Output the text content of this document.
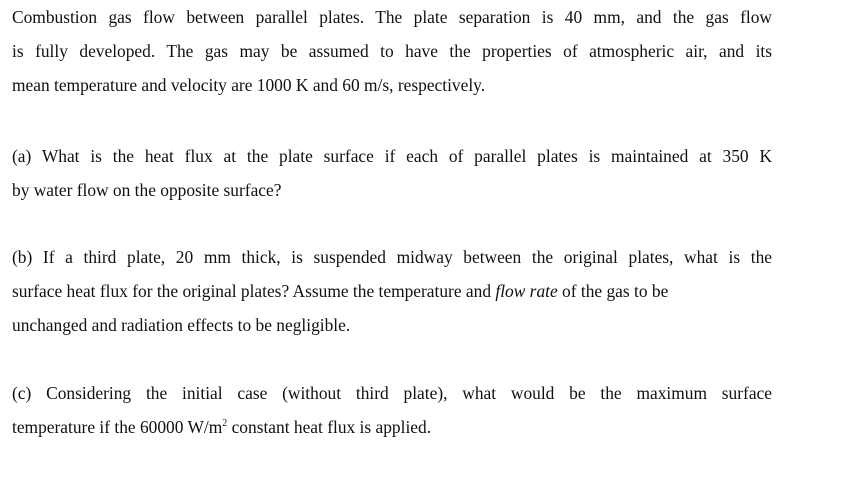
Combustion gas flow between parallel plates. The plate separation is 40 mm, and the gas flow
is fully developed. The gas may be assumed to have the properties of atmospheric air, and its
mean temperature and velocity are 1000 K and 60 m/s, respectively.
(a) What is the heat flux at the plate surface if each of parallel plates is maintained at 350 K
by water flow on the opposite surface?
(b) If a third plate, 20 mm thick, is suspended midway between the original plates, what is the
surface heat flux for the original plates? Assume the temperature and flow rate of the gas to be
unchanged and radiation effects to be negligible.
(c) Considering the initial case (without third plate), what would be the maximum surface
temperature if the 60000 $W/m^2$ constant heat flux is applied.
